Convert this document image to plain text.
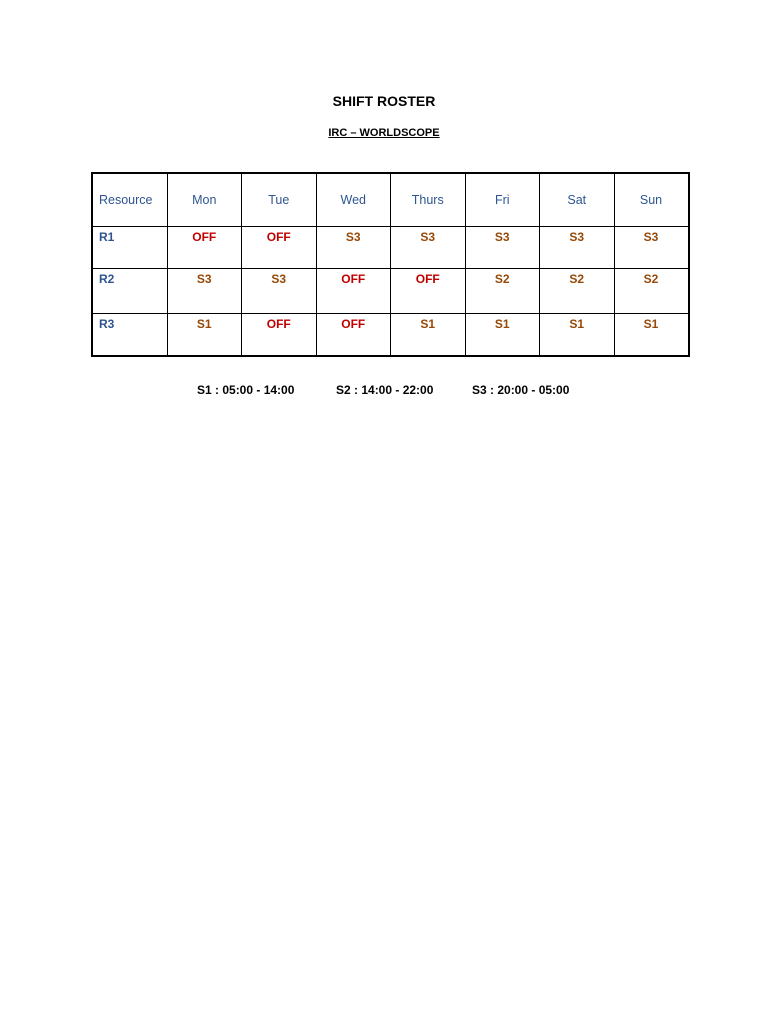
SHIFT ROSTER
IRC – WORLDSCOPE
Resource	Mon	Tue	Wed	Thurs	Fri	Sat	Sun
R1	OFF	OFF	S3	S3	S3	S3	S3
R2	S3	S3	OFF	OFF	S2	S2	S2
R3	S1	OFF	OFF	S1	S1	S1	S1
S1 : 05:00 - 14:00	S2 : 14:00 - 22:00	S3 : 20:00 - 05:00
